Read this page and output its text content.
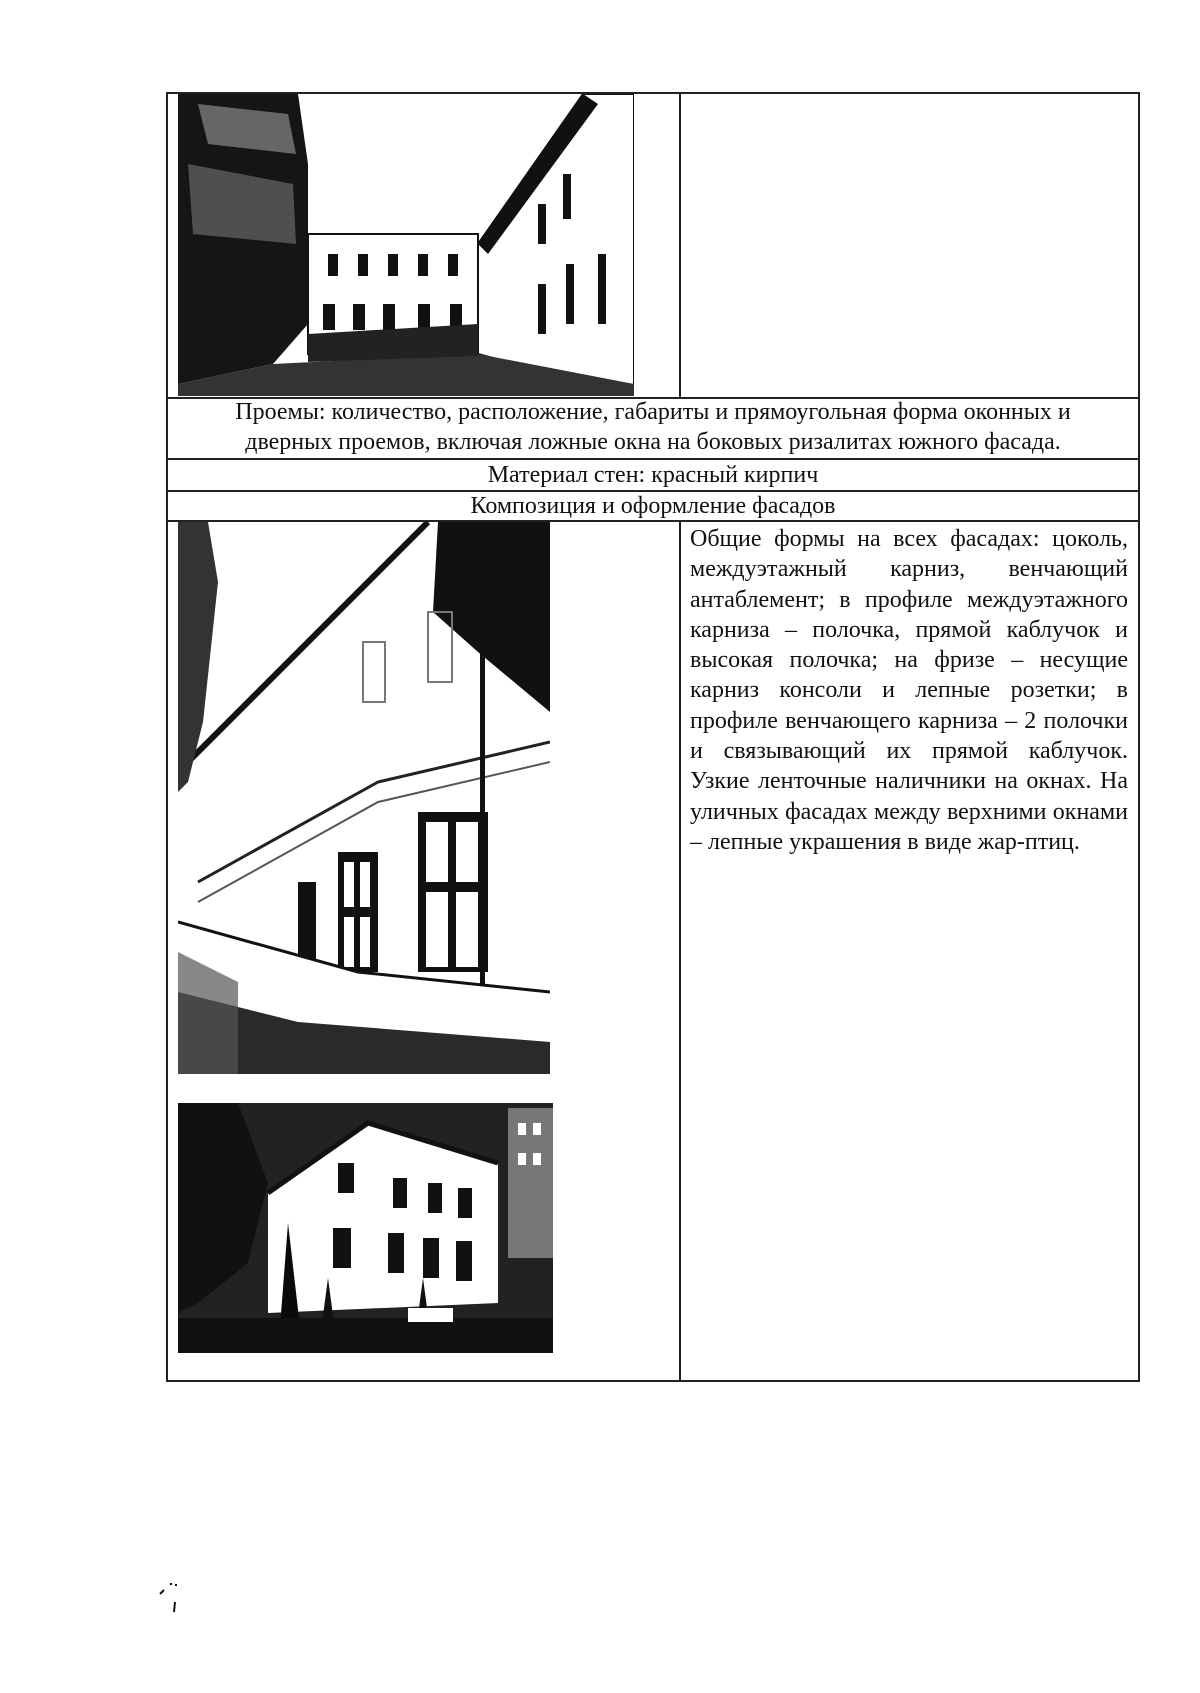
Проемы: количество, расположение, габариты и прямоугольная форма оконных и
дверных проемов, включая ложные окна на боковых ризалитах южного фасада.
Материал стен: красный кирпич
Композиция и оформление фасадов
Общие формы на всех фасадах: цоколь, междуэтажный карниз, венчающий антаблемент; в профиле междуэтажного карниза – полочка, прямой каблучок и высокая полочка; на фризе – несущие карниз консоли и лепные розетки; в профиле венчающего карниза – 2 полочки и связывающий их прямой каблучок. Узкие ленточные наличники на окнах. На уличных фасадах между верхними окнами – лепные украшения в виде жар-птиц.
